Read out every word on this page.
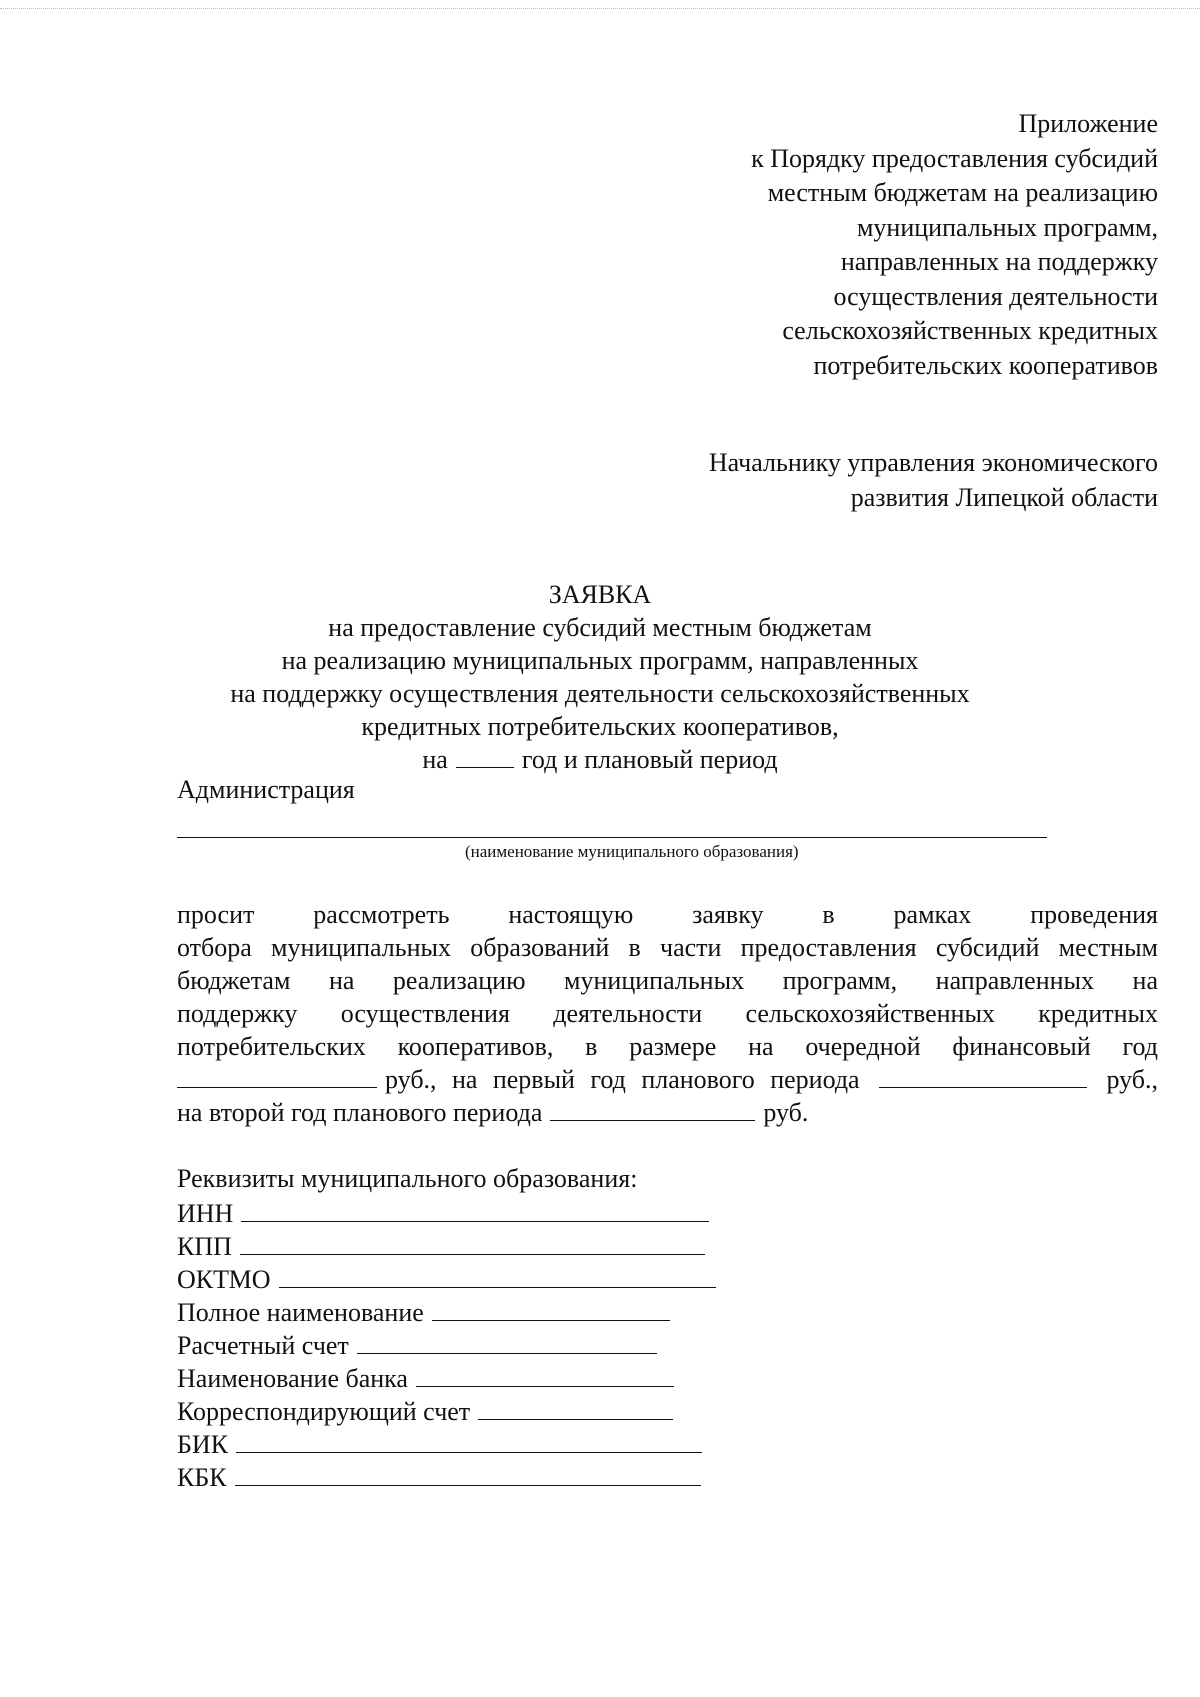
Приложение
к Порядку предоставления субсидий
местным бюджетам на реализацию
муниципальных программ,
направленных на поддержку
осуществления деятельности
сельскохозяйственных кредитных
потребительских кооперативов
Начальнику управления экономического
развития Липецкой области
ЗАЯВКА
на предоставление субсидий местным бюджетам
на реализацию муниципальных программ, направленных
на поддержку осуществления деятельности сельскохозяйственных
кредитных потребительских кооперативов,
на	год и плановый период
Администрация
(наименование муниципального образования)
просит рассмотреть настоящую заявку в рамках проведения
отбора муниципальных образований в части предоставления субсидий местным
бюджетам на реализацию муниципальных программ, направленных на
поддержку осуществления деятельности сельскохозяйственных кредитных
потребительских кооперативов, в размере на очередной финансовый год
руб., на первый год планового периода	руб.,
на второй год планового периода	руб.
Реквизиты муниципального образования:
ИНН
КПП
ОКТМО
Полное наименование
Расчетный счет
Наименование банка
Корреспондирующий счет
БИК
КБК
